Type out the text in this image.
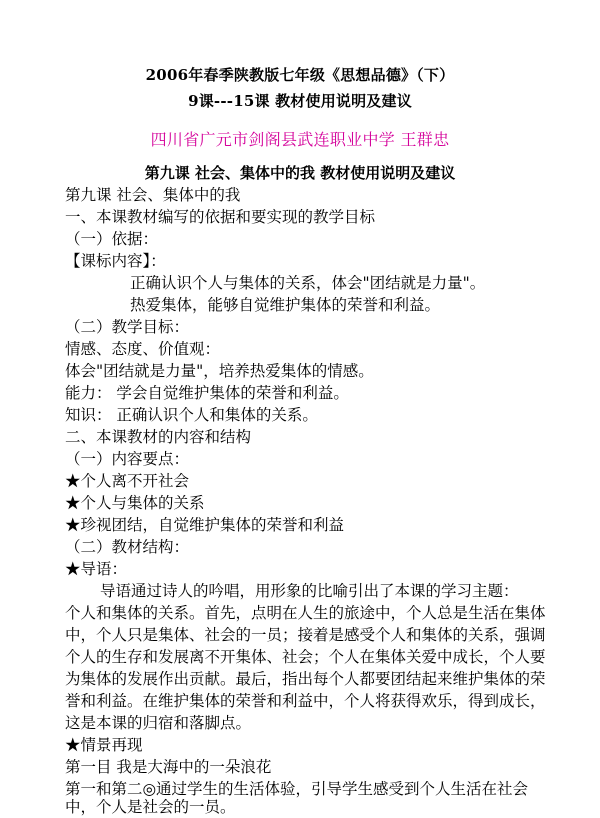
2006年春季陕教版七年级《思想品德》（下）
9课---15课 教材使用说明及建议
四川省广元市剑阁县武连职业中学 王群忠
第九课 社会、集体中的我 教材使用说明及建议
第九课 社会、集体中的我
一、本课教材编写的依据和要实现的教学目标
（一）依据：
【课标内容】：
正确认识个人与集体的关系，体会"团结就是力量"。
热爱集体，能够自觉维护集体的荣誉和利益。
（二）教学目标：
情感、态度、价值观：
体会"团结就是力量"，培养热爱集体的情感。
能力： 学会自觉维护集体的荣誉和利益。
知识： 正确认识个人和集体的关系。
二、本课教材的内容和结构
（一）内容要点：
★个人离不开社会
★个人与集体的关系
★珍视团结，自觉维护集体的荣誉和利益
（二）教材结构：
★导语：
导语通过诗人的吟唱，用形象的比喻引出了本课的学习主题：
个人和集体的关系。首先，点明在人生的旅途中，个人总是生活在集体
中，个人只是集体、社会的一员；接着是感受个人和集体的关系，强调
个人的生存和发展离不开集体、社会；个人在集体关爱中成长，个人要
为集体的发展作出贡献。最后，指出每个人都要团结起来维护集体的荣
誉和利益。在维护集体的荣誉和利益中，个人将获得欢乐，得到成长，
这是本课的归宿和落脚点。
★情景再现
第一目 我是大海中的一朵浪花
第一和第二◎通过学生的生活体验，引导学生感受到个人生活在社会
中，个人是社会的一员。
